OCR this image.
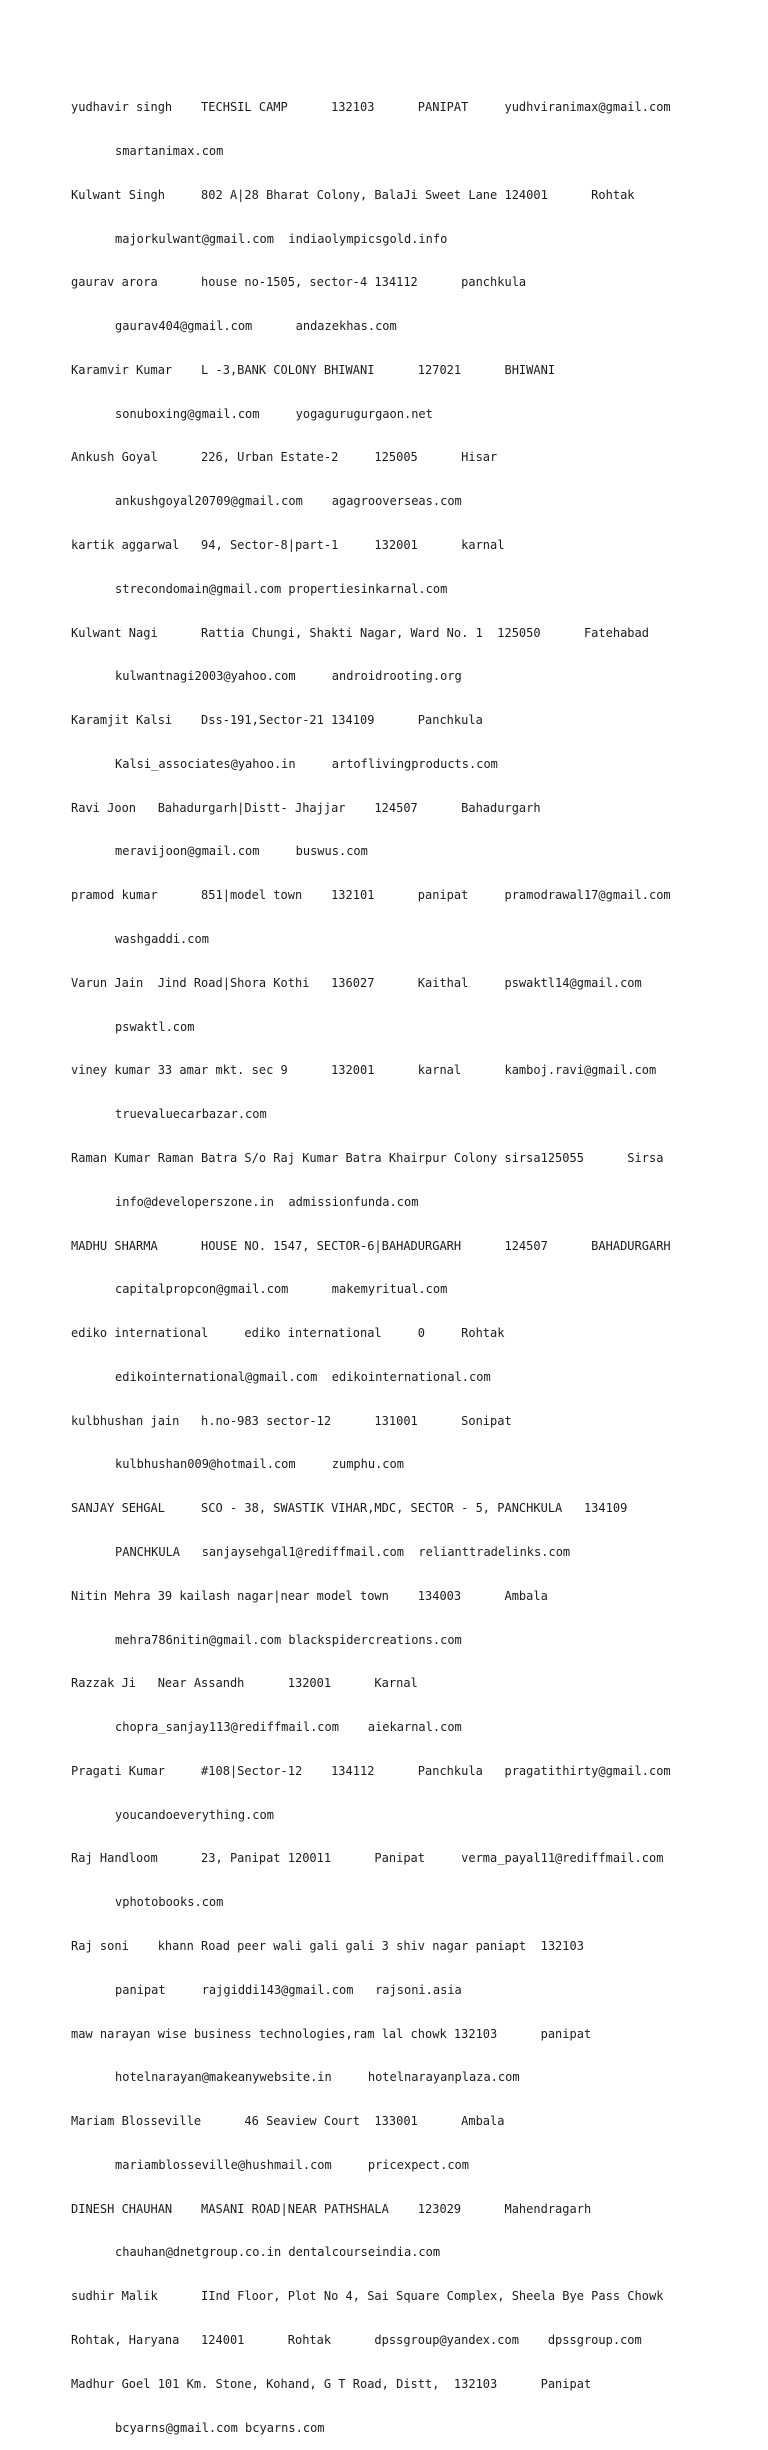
yudhavir singh    TECHSIL CAMP      132103      PANIPAT     yudhviranimax@gmail.com

smartanimax.com

Kulwant Singh     802 A|28 Bharat Colony, BalaJi Sweet Lane 124001      Rohtak

majorkulwant@gmail.com  indiaolympicsgold.info

gaurav arora      house no-1505, sector-4 134112      panchkula

gaurav404@gmail.com      andazekhas.com

Karamvir Kumar    L -3,BANK COLONY BHIWANI      127021      BHIWANI

sonuboxing@gmail.com     yogagurugurgaon.net

Ankush Goyal      226, Urban Estate-2     125005      Hisar

ankushgoyal20709@gmail.com    agagrooverseas.com

kartik aggarwal   94, Sector-8|part-1     132001      karnal

strecondomain@gmail.com propertiesinkarnal.com

Kulwant Nagi      Rattia Chungi, Shakti Nagar, Ward No. 1  125050      Fatehabad

kulwantnagi2003@yahoo.com     androidrooting.org

Karamjit Kalsi    Dss-191,Sector-21 134109      Panchkula

Kalsi_associates@yahoo.in     artoflivingproducts.com

Ravi Joon   Bahadurgarh|Distt- Jhajjar    124507      Bahadurgarh

meravijoon@gmail.com     buswus.com

pramod kumar      851|model town    132101      panipat     pramodrawal17@gmail.com

washgaddi.com

Varun Jain  Jind Road|Shora Kothi   136027      Kaithal     pswaktl14@gmail.com

pswaktl.com

viney kumar 33 amar mkt. sec 9      132001      karnal      kamboj.ravi@gmail.com

truevaluecarbazar.com

Raman Kumar Raman Batra S/o Raj Kumar Batra Khairpur Colony sirsa125055      Sirsa

info@developerszone.in  admissionfunda.com

MADHU SHARMA      HOUSE NO. 1547, SECTOR-6|BAHADURGARH      124507      BAHADURGARH

capitalpropcon@gmail.com      makemyritual.com

ediko international     ediko international     0     Rohtak

edikointernational@gmail.com  edikointernational.com

kulbhushan jain   h.no-983 sector-12      131001      Sonipat

kulbhushan009@hotmail.com     zumphu.com

SANJAY SEHGAL     SCO - 38, SWASTIK VIHAR,MDC, SECTOR - 5, PANCHKULA   134109

PANCHKULA   sanjaysehgal1@rediffmail.com  relianttradelinks.com

Nitin Mehra 39 kailash nagar|near model town    134003      Ambala

mehra786nitin@gmail.com blackspidercreations.com

Razzak Ji   Near Assandh      132001      Karnal

chopra_sanjay113@rediffmail.com    aiekarnal.com

Pragati Kumar     #108|Sector-12    134112      Panchkula   pragatithirty@gmail.com

youcandoeverything.com

Raj Handloom      23, Panipat 120011      Panipat     verma_payal11@rediffmail.com

vphotobooks.com

Raj soni    khann Road peer wali gali gali 3 shiv nagar paniapt  132103

panipat     rajgiddi143@gmail.com   rajsoni.asia

maw narayan wise business technologies,ram lal chowk 132103      panipat

hotelnarayan@makeanywebsite.in     hotelnarayanplaza.com

Mariam Blosseville      46 Seaview Court  133001      Ambala

mariamblosseville@hushmail.com     pricexpect.com

DINESH CHAUHAN    MASANI ROAD|NEAR PATHSHALA    123029      Mahendragarh

chauhan@dnetgroup.co.in dentalcourseindia.com

sudhir Malik      IInd Floor, Plot No 4, Sai Square Complex, Sheela Bye Pass Chowk

Rohtak, Haryana   124001      Rohtak      dpssgroup@yandex.com    dpssgroup.com

Madhur Goel 101 Km. Stone, Kohand, G T Road, Distt,  132103      Panipat

bcyarns@gmail.com bcyarns.com
